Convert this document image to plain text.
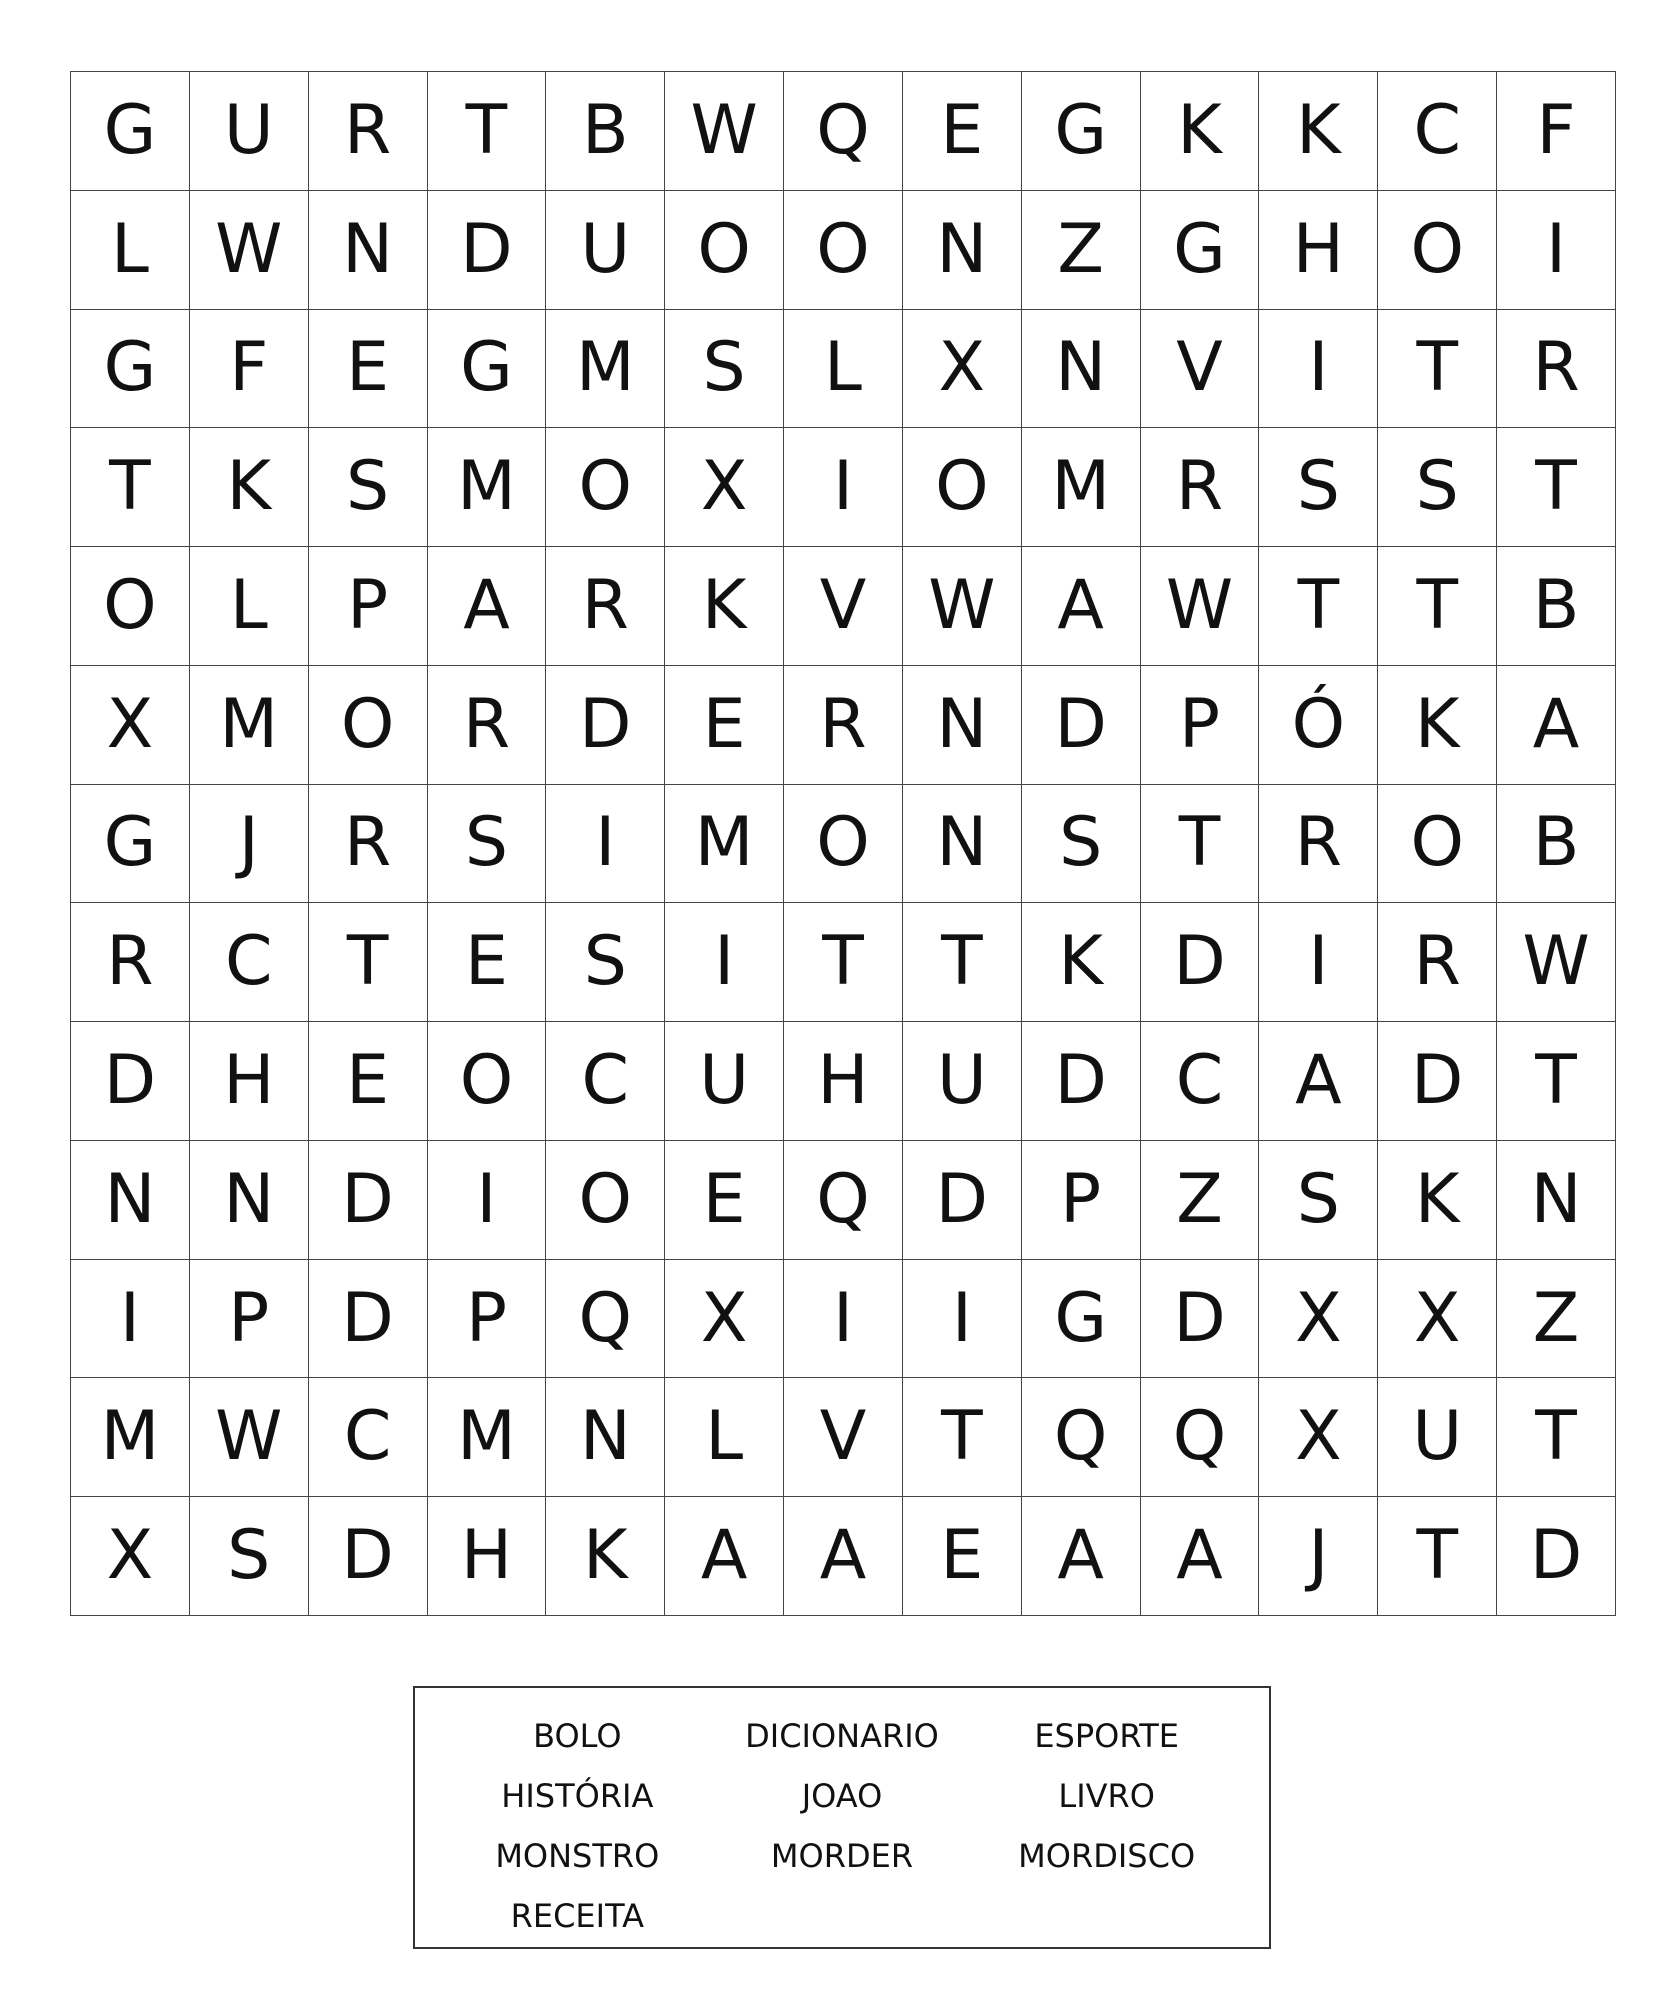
G U	R	T	B W Q	E	G	K	K	C	F
L W N D U O O N	Z	G H O	I
G	F	E	G M S	L	X	N	V	I	T	R
T	K	S M O	X	I	O M R	S	S	T
O	L	P	A	R	K	V W A W T	T	B
X M O	R	D	E	R	N D	P	Ó	K	A
G	J	R	S	I	M O N	S	T	R	O	B
R	C	T	E	S	I	T	T	K	D	I	R W
D H	E	O	C	U	H	U D	C	A	D	T
N N D	I	O	E	Q D	P	Z	S	K	N
I	P	D	P	Q	X	I	I	G D	X	X	Z
M W C M N	L	V	T	Q Q	X	U	T
X	S	D H	K	A	A	E	A	A	J	T	D
BOLO	DICIONARIO	ESPORTE
HISTÓRIA	JOAO	LIVRO
MONSTRO	MORDER	MORDISCO
RECEITA
